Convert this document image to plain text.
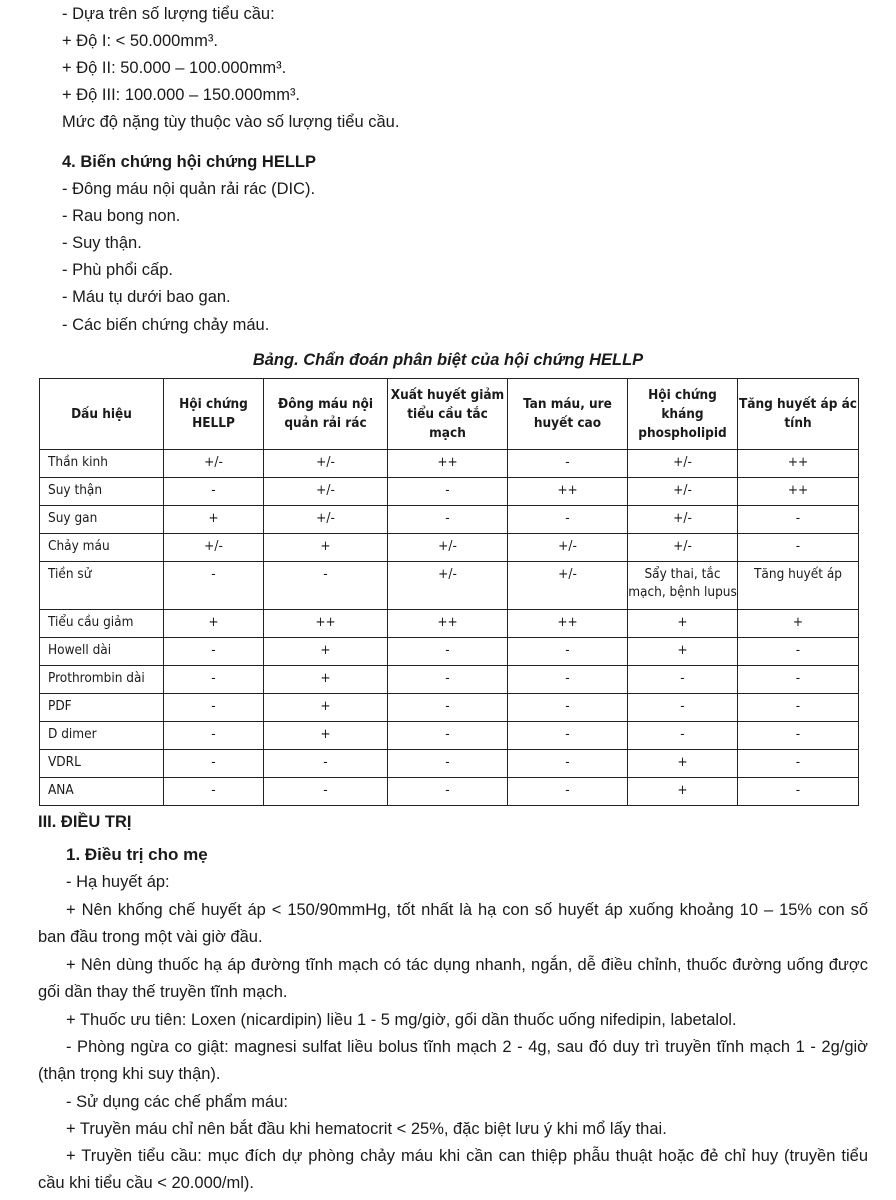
- Dựa trên số lượng tiểu cầu:
+ Độ I: < 50.000mm³.
+ Độ II: 50.000 – 100.000mm³.
+ Độ III: 100.000 – 150.000mm³.
Mức độ nặng tùy thuộc vào số lượng tiểu cầu.
4. Biến chứng hội chứng HELLP
- Đông máu nội quản rải rác (DIC).
- Rau bong non.
- Suy thận.
- Phù phổi cấp.
- Máu tụ dưới bao gan.
- Các biến chứng chảy máu.
Bảng. Chẩn đoán phân biệt của hội chứng HELLP
Dấu hiệu	Hội chứng HELLP	Đông máu nội quản rải rác	Xuất huyết giảm tiểu cầu tắc mạch	Tan máu, ure huyết cao	Hội chứng kháng phospholipid	Tăng huyết áp ác tính
Thần kinh	+/-	+/-	++	-	+/-	++
Suy thận	-	+/-	-	++	+/-	++
Suy gan	+	+/-	-	-	+/-	-
Chảy máu	+/-	+	+/-	+/-	+/-	-
Tiền sử	-	-	+/-	+/-	Sẩy thai, tắc mạch, bệnh lupus	Tăng huyết áp
Tiểu cầu giảm	+	++	++	++	+	+
Howell dài	-	+	-	-	+	-
Prothrombin dài	-	+	-	-	-	-
PDF	-	+	-	-	-	-
D dimer	-	+	-	-	-	-
VDRL	-	-	-	-	+	-
ANA	-	-	-	-	+	-
III. ĐIỀU TRỊ
1. Điều trị cho mẹ
- Hạ huyết áp:
+ Nên khống chế huyết áp < 150/90mmHg, tốt nhất là hạ con số huyết áp xuống khoảng 10 – 15% con số ban đầu trong một vài giờ đầu.
+ Nên dùng thuốc hạ áp đường tĩnh mạch có tác dụng nhanh, ngắn, dễ điều chỉnh, thuốc đường uống được gối dần thay thế truyền tĩnh mạch.
+ Thuốc ưu tiên: Loxen (nicardipin) liều 1 - 5 mg/giờ, gối dần thuốc uống nifedipin, labetalol.
- Phòng ngừa co giật: magnesi sulfat liều bolus tĩnh mạch 2 - 4g, sau đó duy trì truyền tĩnh mạch 1 - 2g/giờ (thận trọng khi suy thận).
- Sử dụng các chế phẩm máu:
+ Truyền máu chỉ nên bắt đầu khi hematocrit < 25%, đặc biệt lưu ý khi mổ lấy thai.
+ Truyền tiểu cầu: mục đích dự phòng chảy máu khi cần can thiệp phẫu thuật hoặc đẻ chỉ huy (truyền tiểu cầu khi tiểu cầu < 20.000/ml).
